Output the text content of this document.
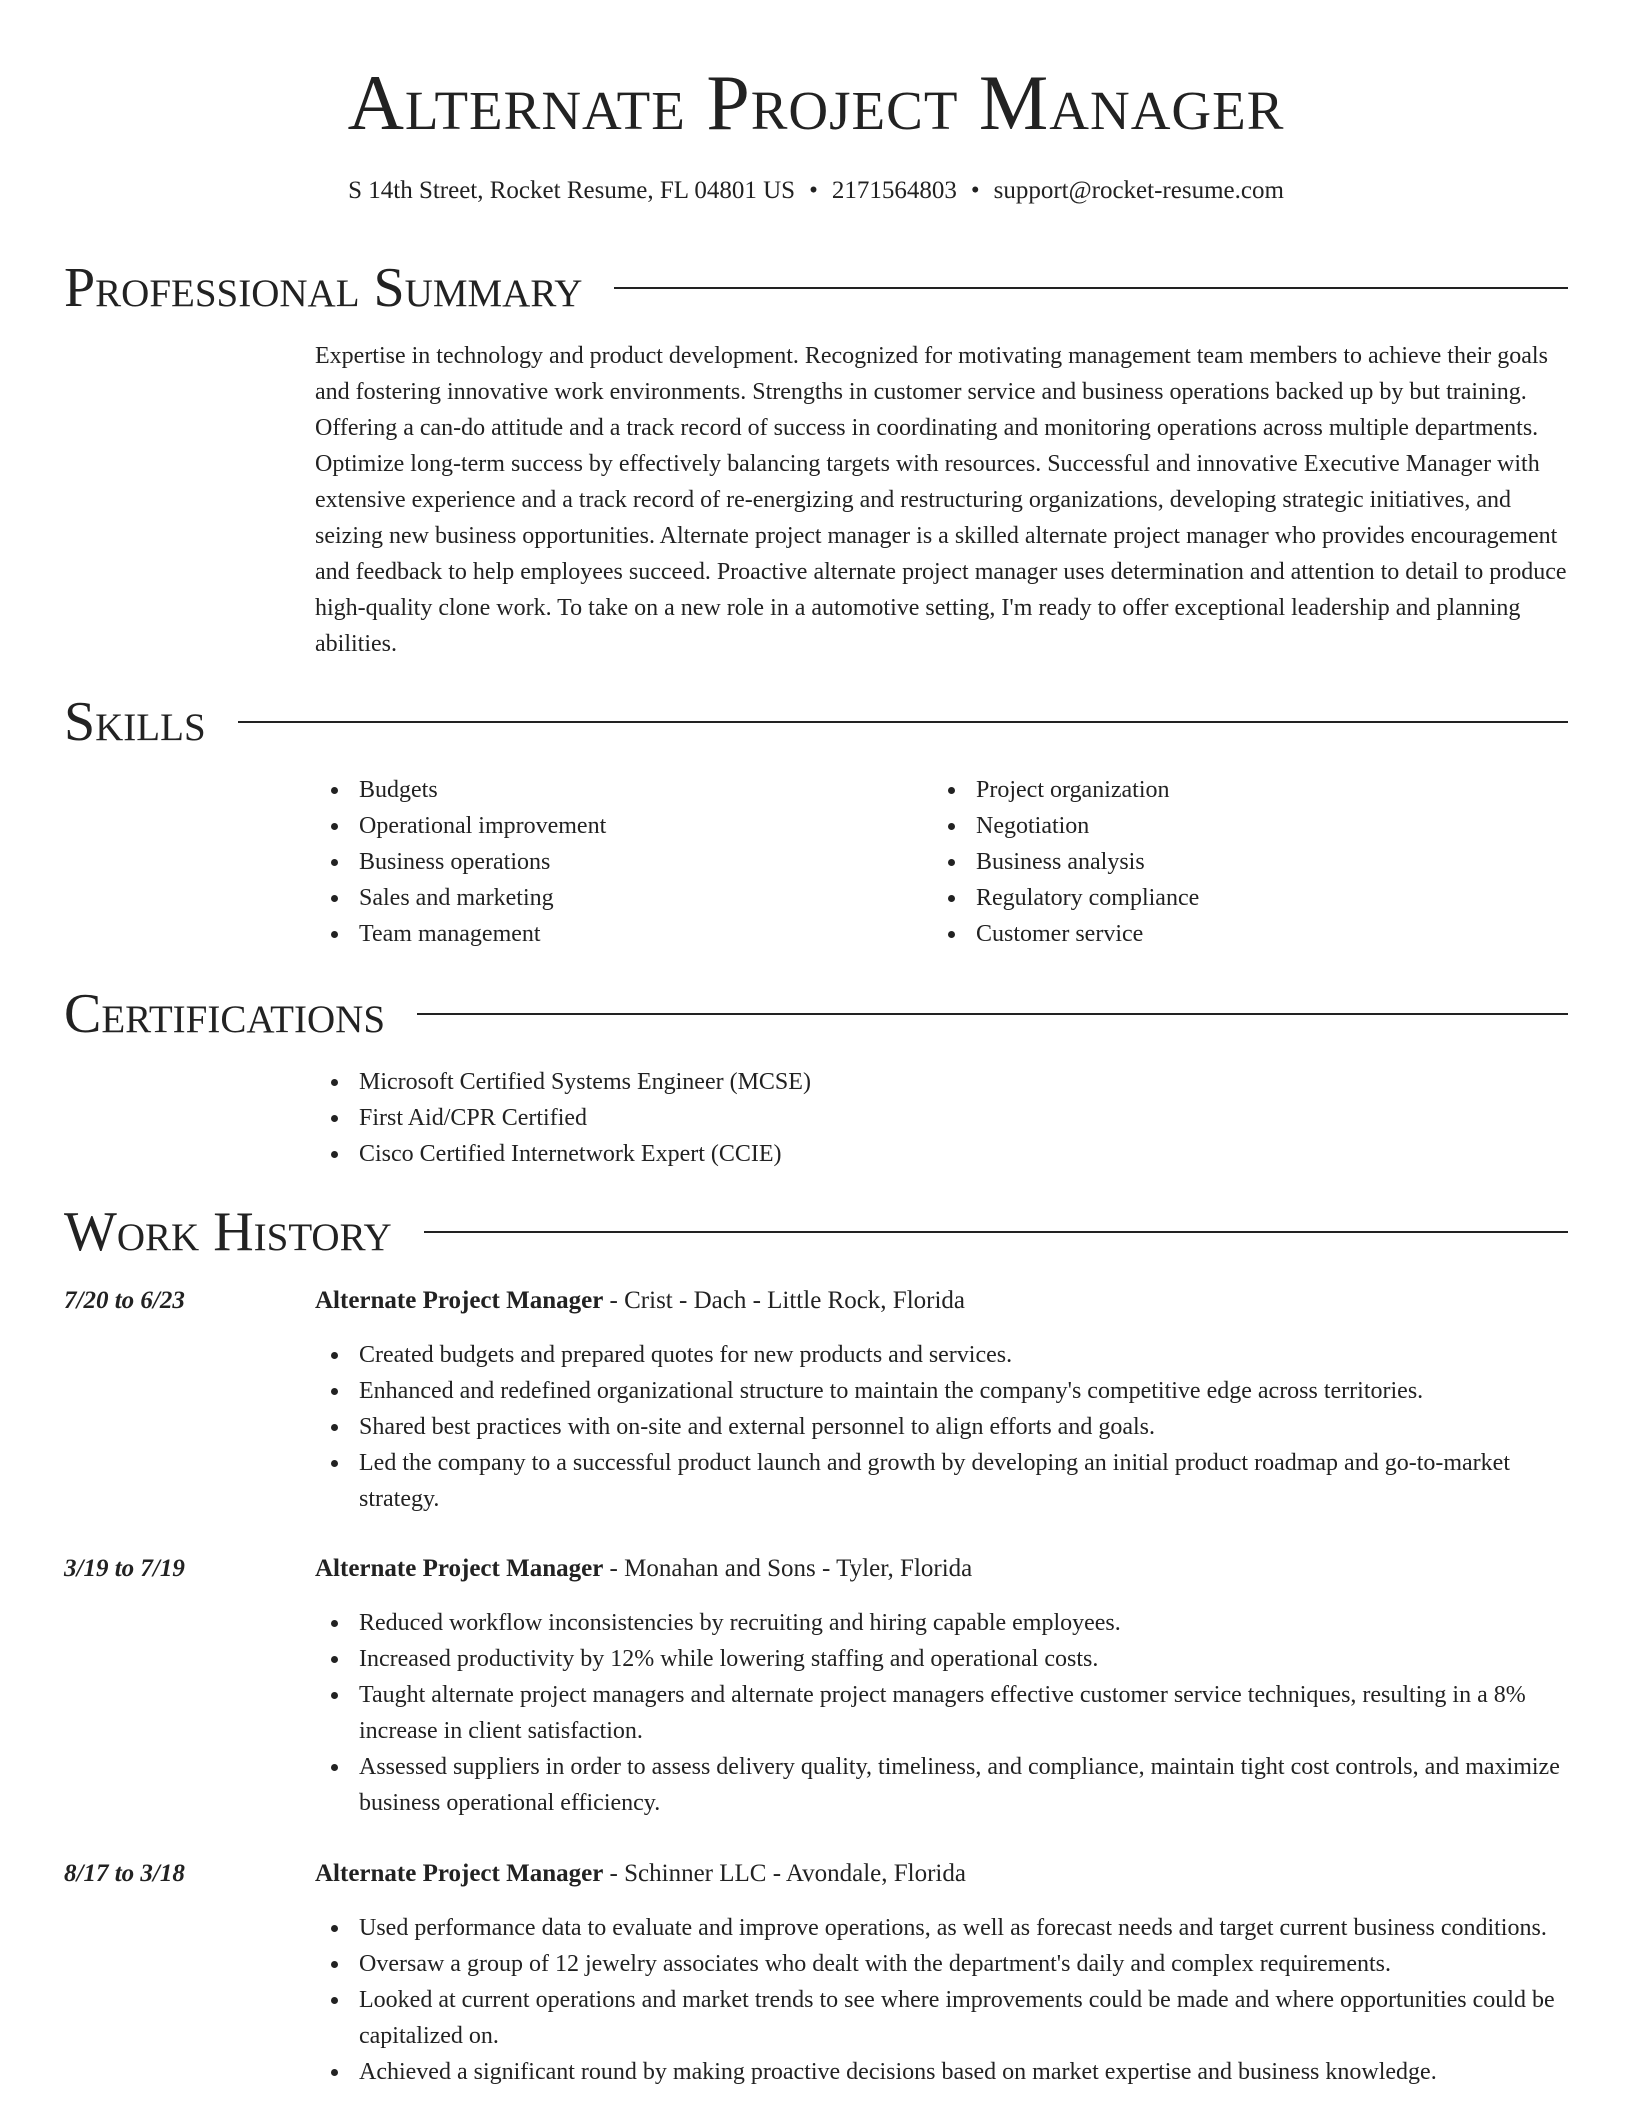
Alternate Project Manager
S 14th Street, Rocket Resume, FL 04801 US • 2171564803 • support@rocket-resume.com
Professional Summary
Expertise in technology and product development. Recognized for motivating management team members to achieve their goals and fostering innovative work environments. Strengths in customer service and business operations backed up by but training. Offering a can-do attitude and a track record of success in coordinating and monitoring operations across multiple departments. Optimize long-term success by effectively balancing targets with resources. Successful and innovative Executive Manager with extensive experience and a track record of re-energizing and restructuring organizations, developing strategic initiatives, and seizing new business opportunities. Alternate project manager is a skilled alternate project manager who provides encouragement and feedback to help employees succeed. Proactive alternate project manager uses determination and attention to detail to produce high-quality clone work. To take on a new role in a automotive setting, I'm ready to offer exceptional leadership and planning abilities.
Skills
Budgets
Operational improvement
Business operations
Sales and marketing
Team management
Project organization
Negotiation
Business analysis
Regulatory compliance
Customer service
Certifications
Microsoft Certified Systems Engineer (MCSE)
First Aid/CPR Certified
Cisco Certified Internetwork Expert (CCIE)
Work History
7/20 to 6/23	Alternate Project Manager - Crist - Dach - Little Rock, Florida
Created budgets and prepared quotes for new products and services.
Enhanced and redefined organizational structure to maintain the company's competitive edge across territories.
Shared best practices with on-site and external personnel to align efforts and goals.
Led the company to a successful product launch and growth by developing an initial product roadmap and go-to-market strategy.
3/19 to 7/19	Alternate Project Manager - Monahan and Sons - Tyler, Florida
Reduced workflow inconsistencies by recruiting and hiring capable employees.
Increased productivity by 12% while lowering staffing and operational costs.
Taught alternate project managers and alternate project managers effective customer service techniques, resulting in a 8% increase in client satisfaction.
Assessed suppliers in order to assess delivery quality, timeliness, and compliance, maintain tight cost controls, and maximize business operational efficiency.
8/17 to 3/18	Alternate Project Manager - Schinner LLC - Avondale, Florida
Used performance data to evaluate and improve operations, as well as forecast needs and target current business conditions.
Oversaw a group of 12 jewelry associates who dealt with the department's daily and complex requirements.
Looked at current operations and market trends to see where improvements could be made and where opportunities could be capitalized on.
Achieved a significant round by making proactive decisions based on market expertise and business knowledge.
